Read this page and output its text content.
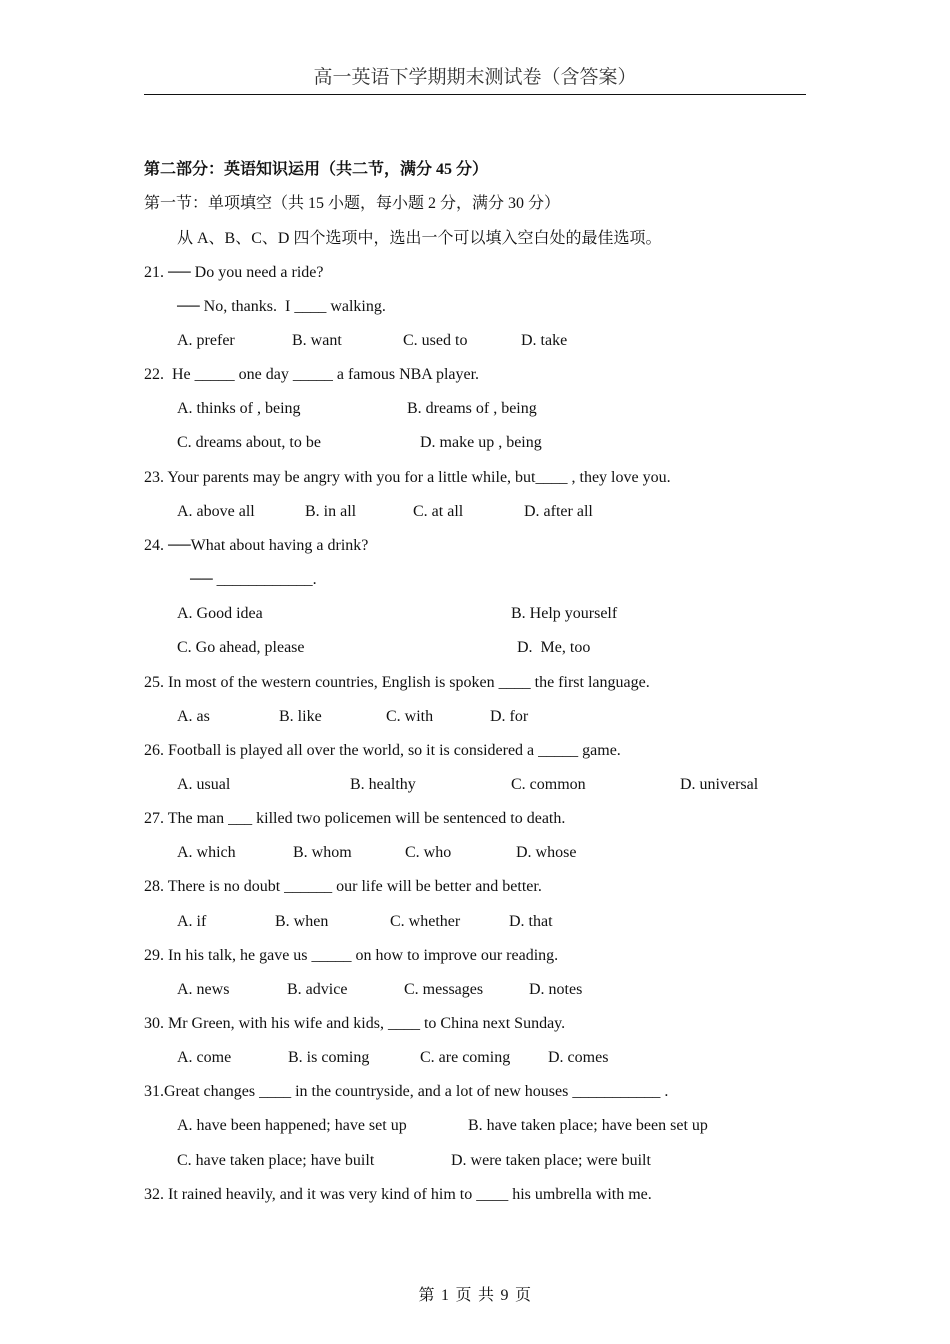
高一英语下学期期末测试卷（含答案）
第二部分：英语知识运用（共二节，满分 45 分）
第一节：单项填空（共 15 小题，每小题 2 分，满分 30 分）
从 A、B、C、D 四个选项中，选出一个可以填入空白处的最佳选项。
21. ── Do you need a ride?
── No, thanks.  I ____ walking.
A. prefer	B. want	C. used to	D. take
22.  He _____ one day _____ a famous NBA player.
A. thinks of , being	B. dreams of , being
C. dreams about, to be	D. make up , being
23. Your parents may be angry with you for a little while, but____ , they love you.
A. above all	B. in all	C. at all	D. after all
24. ──What about having a drink?
── ____________.
A. Good idea	B. Help yourself
C. Go ahead, please	D.  Me, too
25. In most of the western countries, English is spoken ____ the first language.
A. as	B. like	C. with	D. for
26. Football is played all over the world, so it is considered a _____ game.
A. usual	B. healthy	C. common	D. universal
27. The man ___ killed two policemen will be sentenced to death.
A. which	B. whom	C. who	D. whose
28. There is no doubt ______ our life will be better and better.
A. if	B. when	C. whether	D. that
29. In his talk, he gave us _____ on how to improve our reading.
A. news	B. advice	C. messages	D. notes
30. Mr Green, with his wife and kids, ____ to China next Sunday.
A. come	B. is coming	C. are coming D. comes
31.Great changes ____ in the countryside, and a lot of new houses ___________ .
A. have been happened; have set up	B. have taken place; have been set up
C. have taken place; have built	D. were taken place; were built
32. It rained heavily, and it was very kind of him to ____ his umbrella with me.
第 1 页 共 9 页
